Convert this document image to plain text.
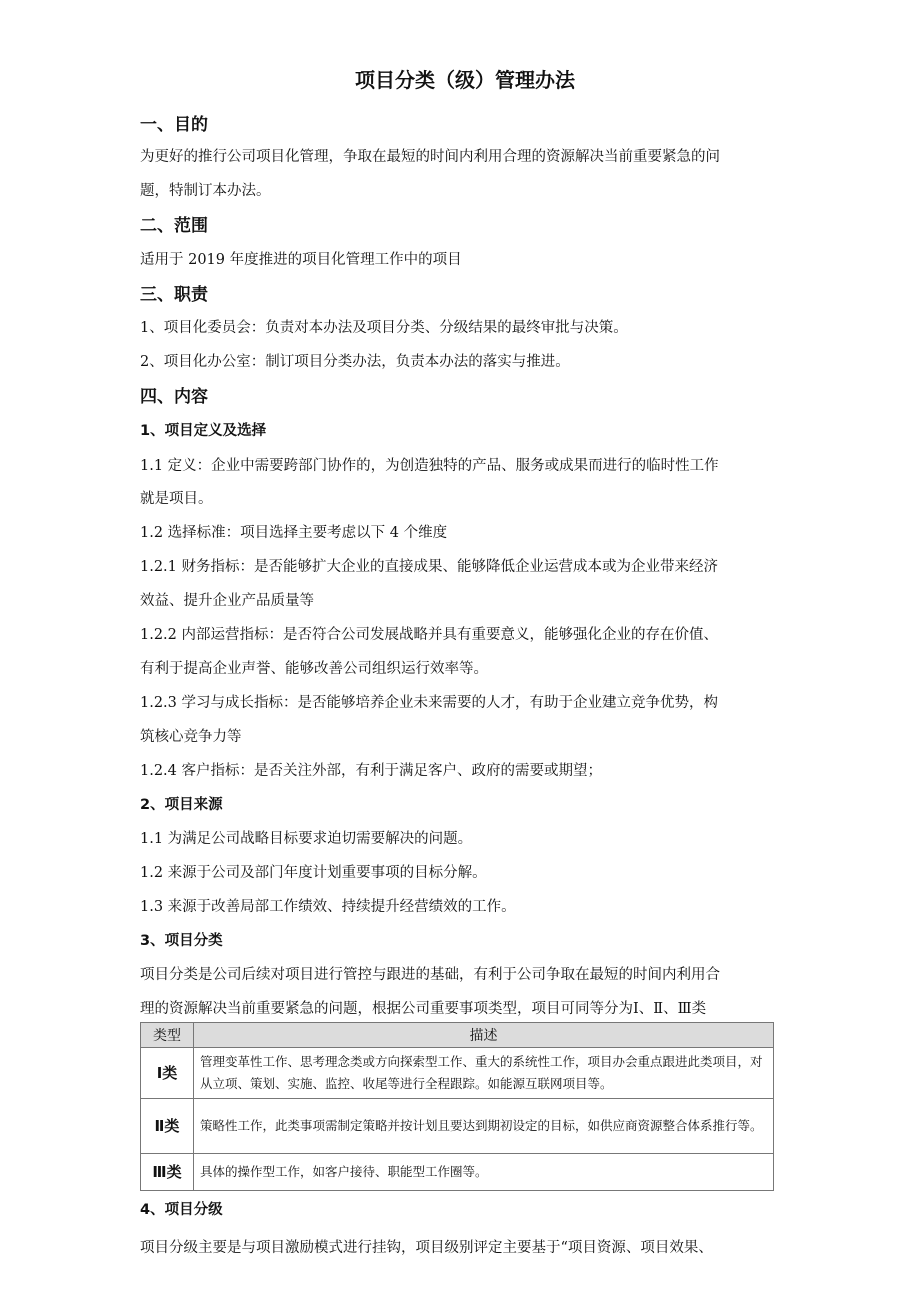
项目分类（级）管理办法
一、目的

为更好的推行公司项目化管理，争取在最短的时间内利用合理的资源解决当前重要紧急的问

题，特制订本办法。

二、范围

适用于 2019 年度推进的项目化管理工作中的项目

三、职责

1、项目化委员会：负责对本办法及项目分类、分级结果的最终审批与决策。

2、项目化办公室：制订项目分类办法，负责本办法的落实与推进。

四、内容
1、项目定义及选择

1.1 定义：企业中需要跨部门协作的，为创造独特的产品、服务或成果而进行的临时性工作

就是项目。

1.2 选择标准：项目选择主要考虑以下 4 个维度

1.2.1 财务指标：是否能够扩大企业的直接成果、能够降低企业运营成本或为企业带来经济

效益、提升企业产品质量等

1.2.2 内部运营指标：是否符合公司发展战略并具有重要意义，能够强化企业的存在价值、

有利于提高企业声誉、能够改善公司组织运行效率等。

1.2.3 学习与成长指标：是否能够培养企业未来需要的人才，有助于企业建立竞争优势，构

筑核心竞争力等

1.2.4 客户指标：是否关注外部，有利于满足客户、政府的需要或期望；

2、项目来源

1.1 为满足公司战略目标要求迫切需要解决的问题。

1.2 来源于公司及部门年度计划重要事项的目标分解。

1.3 来源于改善局部工作绩效、持续提升经营绩效的工作。

3、项目分类

项目分类是公司后续对项目进行管控与跟进的基础，有利于公司争取在最短的时间内利用合

理的资源解决当前重要紧急的问题，根据公司重要事项类型，项目可同等分为Ⅰ、Ⅱ、Ⅲ类

类型	描述
Ⅰ类	管理变革性工作、思考理念类或方向探索型工作、重大的系统性工作，项目办会重点跟进此类项目，对从立项、策划、实施、监控、收尾等进行全程跟踪。如能源互联网项目等。
Ⅱ类	策略性工作，此类事项需制定策略并按计划且要达到期初设定的目标，如供应商资源整合体系推行等。
Ⅲ类	具体的操作型工作，如客户接待、职能型工作圈等。
4、项目分级

项目分级主要是与项目激励模式进行挂钩，项目级别评定主要基于“项目资源、项目效果、
